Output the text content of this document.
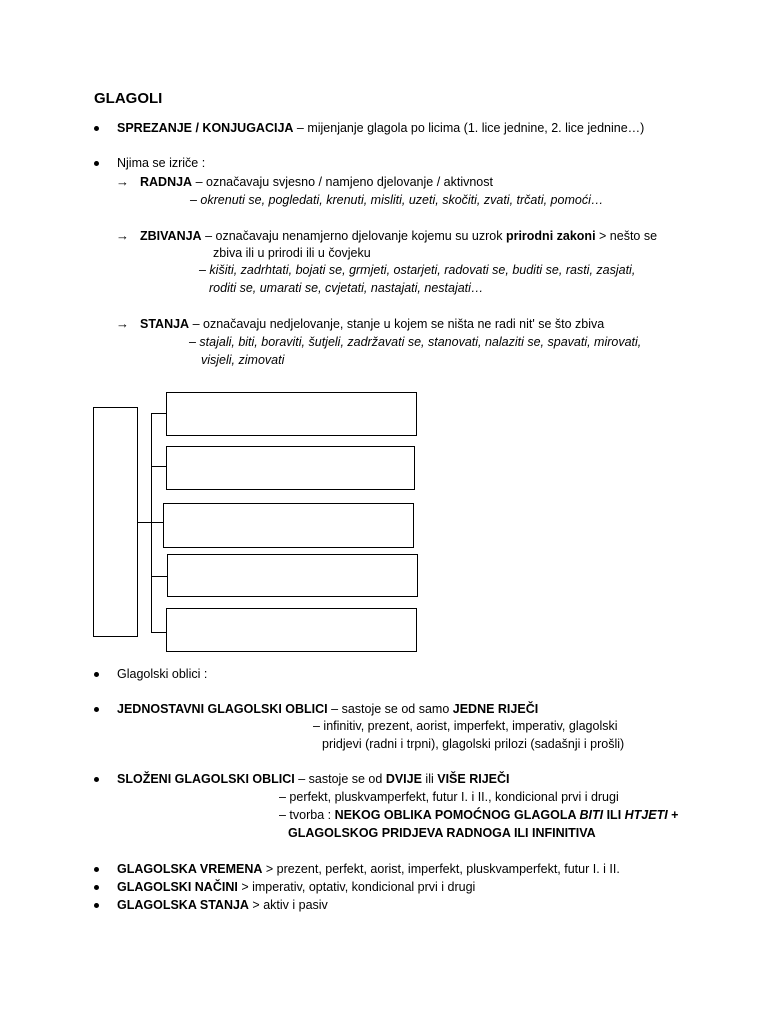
GLAGOLI
SPREZANJE / KONJUGACIJA – mijenjanje glagola po licima (1. lice jednine, 2. lice jednine…)
Njima se izriče :
→ RADNJA – označavaju svjesno / namjeno djelovanje / aktivnost
– okrenuti se, pogledati, krenuti, misliti, uzeti, skočiti, zvati, trčati, pomoći…
→ ZBIVANJA – označavaju nenamjerno djelovanje kojemu su uzrok prirodni zakoni > nešto se
zbiva ili u prirodi ili u čovjeku
– kišiti, zadrhtati, bojati se, grmjeti, ostarjeti, radovati se, buditi se, rasti, zasjati,
roditi se, umarati se, cvjetati, nastajati, nestajati…
→ STANJA – označavaju nedjelovanje, stanje u kojem se ništa ne radi nit' se što zbiva
– stajali, biti, boraviti, šutjeli, zadržavati se, stanovati, nalaziti se, spavati, mirovati,
visjeli, zimovati
Glagolski oblici :
JEDNOSTAVNI GLAGOLSKI OBLICI – sastoje se od samo JEDNE RIJEČI
– infinitiv, prezent, aorist, imperfekt, imperativ, glagolski
pridjevi (radni i trpni), glagolski prilozi (sadašnji i prošli)
SLOŽENI GLAGOLSKI OBLICI – sastoje se od DVIJE ili VIŠE RIJEČI
– perfekt, pluskvamperfekt, futur I. i II., kondicional prvi i drugi
– tvorba : NEKOG OBLIKA POMOĆNOG GLAGOLA BITI ILI HTJETI +
GLAGOLSKOG PRIDJEVA RADNOGA ILI INFINITIVA
GLAGOLSKA VREMENA > prezent, perfekt, aorist, imperfekt, pluskvamperfekt, futur I. i II.
GLAGOLSKI NAČINI > imperativ, optativ, kondicional prvi i drugi
GLAGOLSKA STANJA > aktiv i pasiv
